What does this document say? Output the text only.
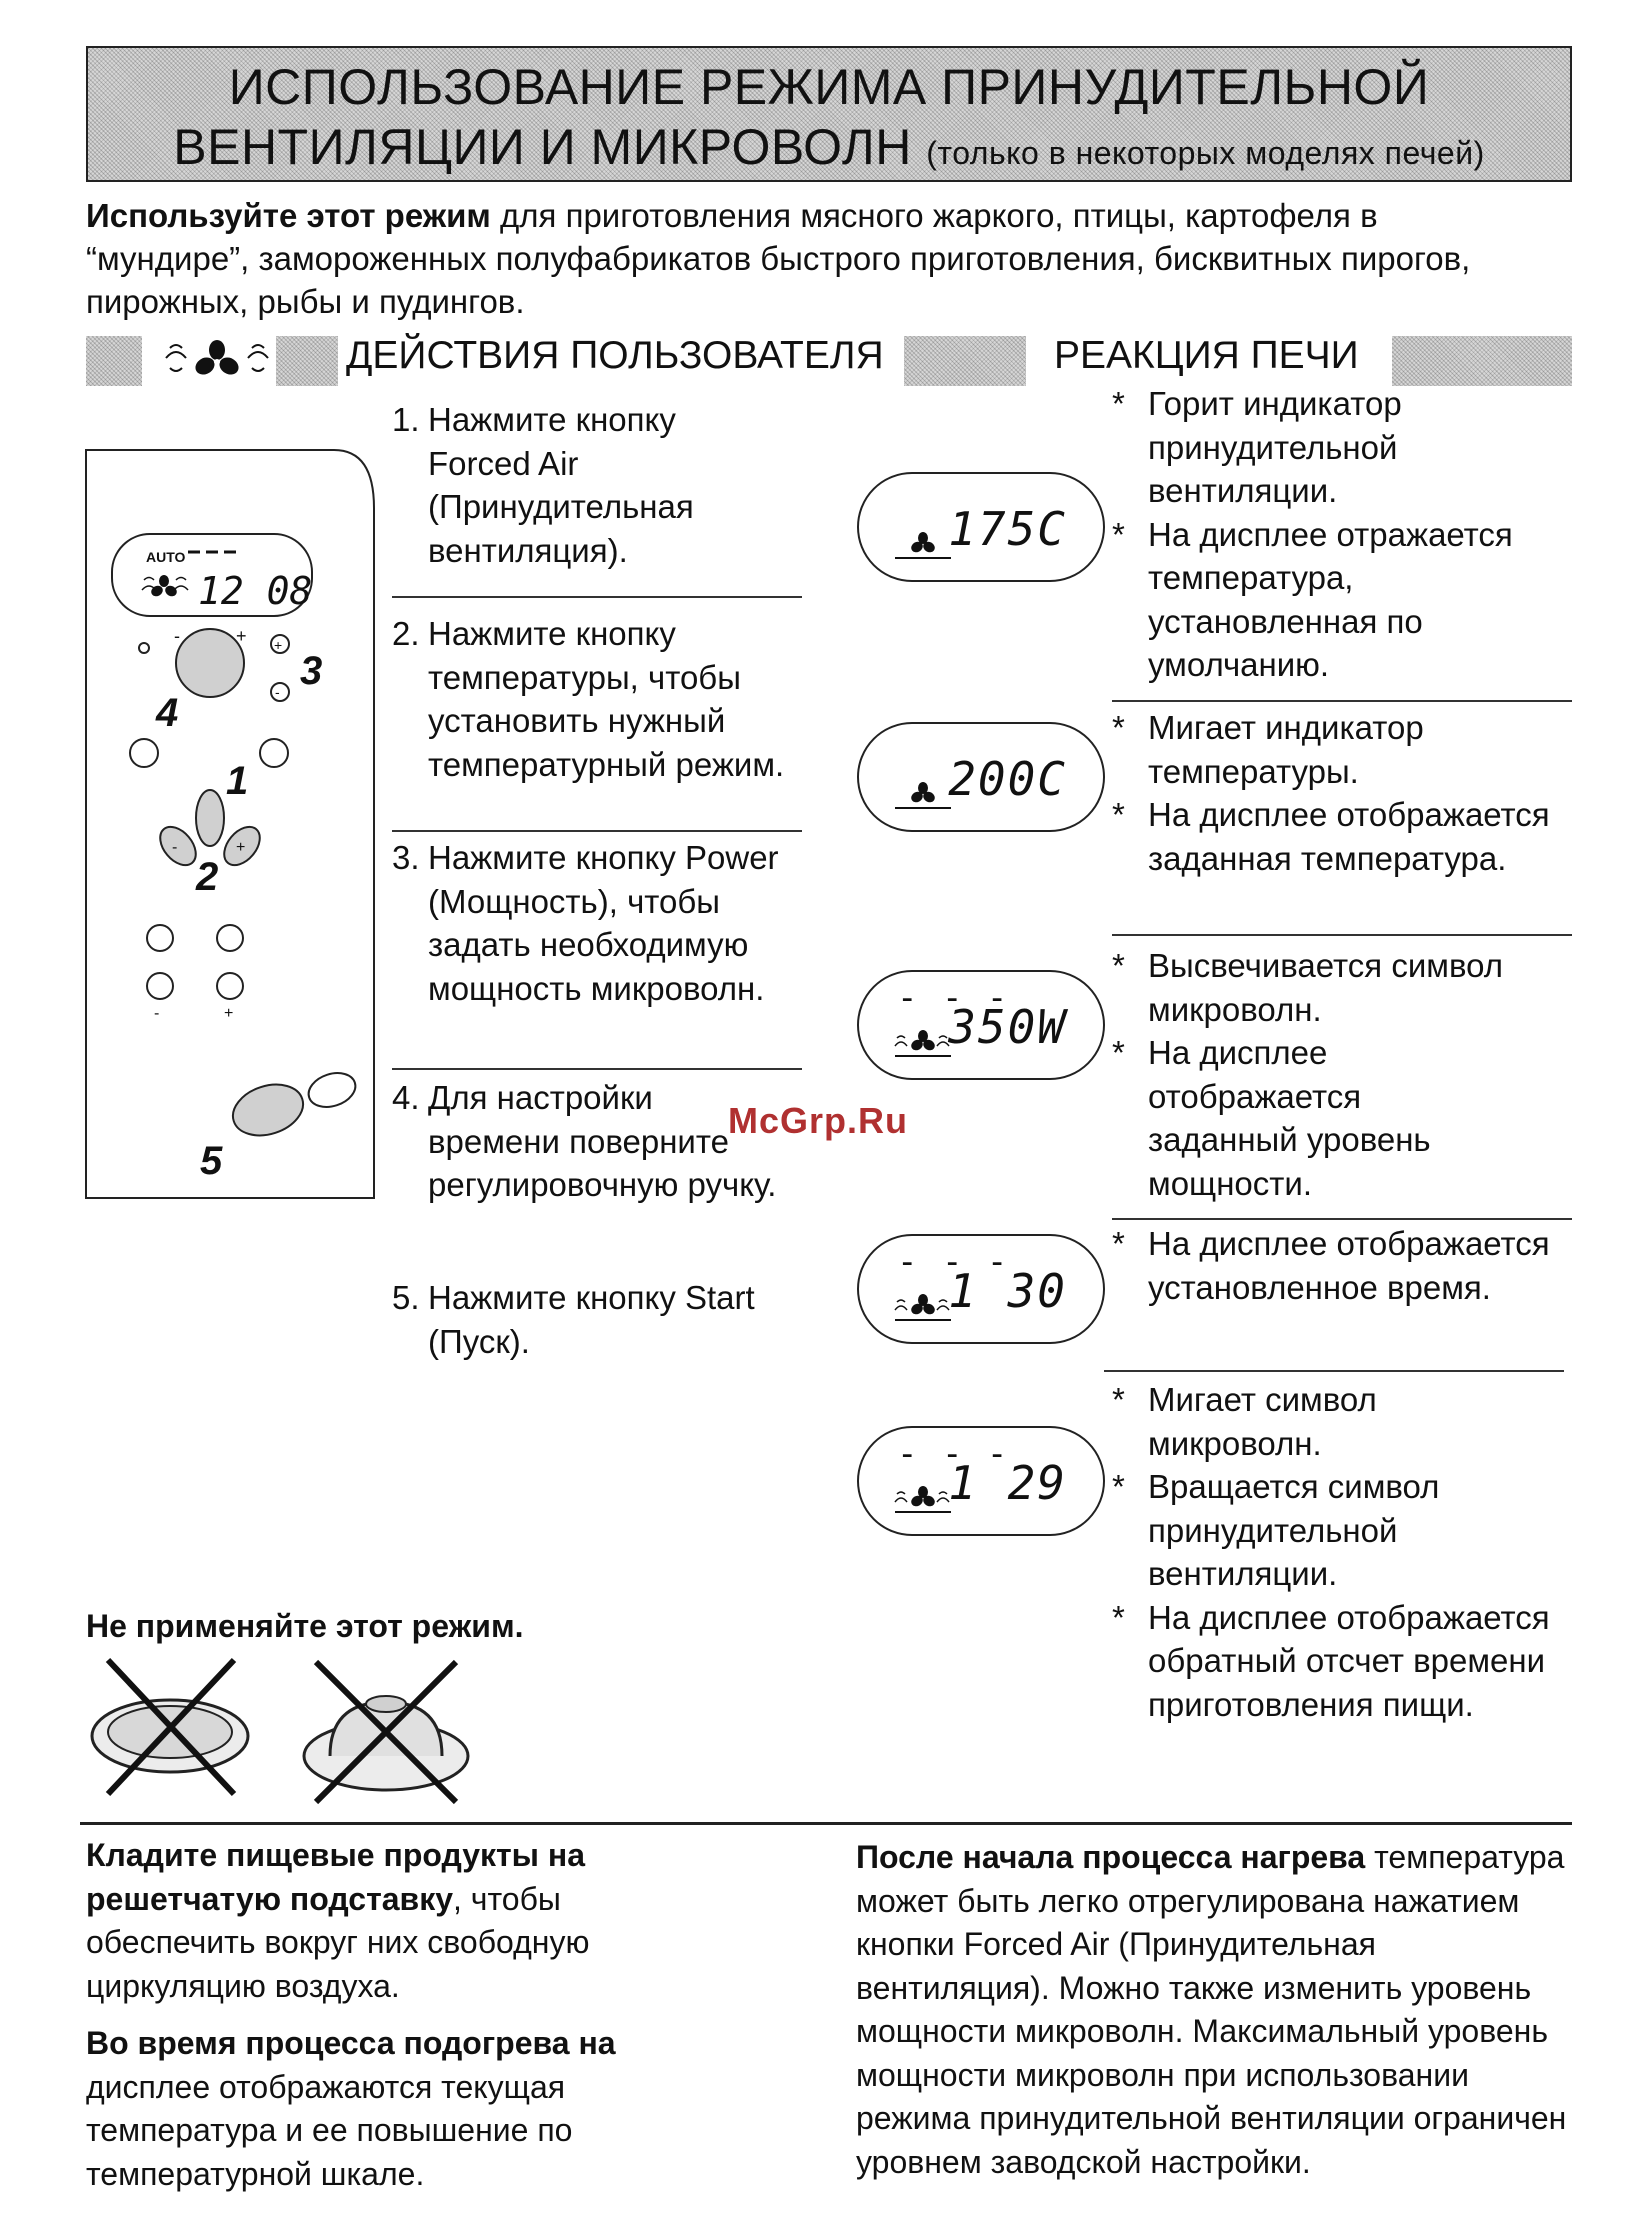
ИСПОЛЬЗОВАНИЕ РЕЖИМА ПРИНУДИТЕЛЬНОЙ
ВЕНТИЛЯЦИИ И МИКРОВОЛН (только в некоторых моделях печей)
Используйте этот режим для приготовления мясного жаркого, птицы, картофеля в “мундире”, замороженных полуфабрикатов быстрого приготовления, бисквитных пирогов, пирожных, рыбы и пудингов.
ДЕЙСТВИЯ ПОЛЬЗОВАТЕЛЯ	РЕАКЦИЯ ПЕЧИ
AUTO
12 08
-	+ +
- 3
4
1
-	+
2
-	+
5
1. Нажмите кнопку Forced Air (Принудительная вентиляция).
2. Нажмите кнопку температуры, чтобы установить нужный температурный режим.
3. Нажмите кнопку Power (Мощность), чтобы задать необходимую мощность микроволн.
4. Для настройки времени поверните регулировочную ручку.
5. Нажмите кнопку Start (Пуск).
175C
200C
- - -
350W
- - -
1 30
- - -
1 29
* Горит индикатор принудительной вентиляции.
* На дисплее отражается температура, установленная по умолчанию.
* Мигает индикатор температуры.
* На дисплее отображается заданная температура.
* Высвечивается символ микроволн.
* На дисплее отображается заданный уровень мощности.
* На дисплее отображается установленное время.
* Мигает символ микроволн.
* Вращается символ принудительной вентиляции.
* На дисплее отображается обратный отсчет времени приготовления пищи.
McGrp.Ru
Не применяйте этот режим.
Кладите пищевые продукты на решетчатую подставку, чтобы обеспечить вокруг них свободную циркуляцию воздуха.
Во время процесса подогрева на дисплее отображаются текущая температура и ее повышение по температурной шкале.
После начала процесса нагрева температура может быть легко отрегулирована нажатием кнопки Forced Air (Принудительная вентиляция). Можно также изменить уровень мощности микроволн. Максимальный уровень мощности микроволн при использовании режима принудительной вентиляции ограничен уровнем заводской настройки.
